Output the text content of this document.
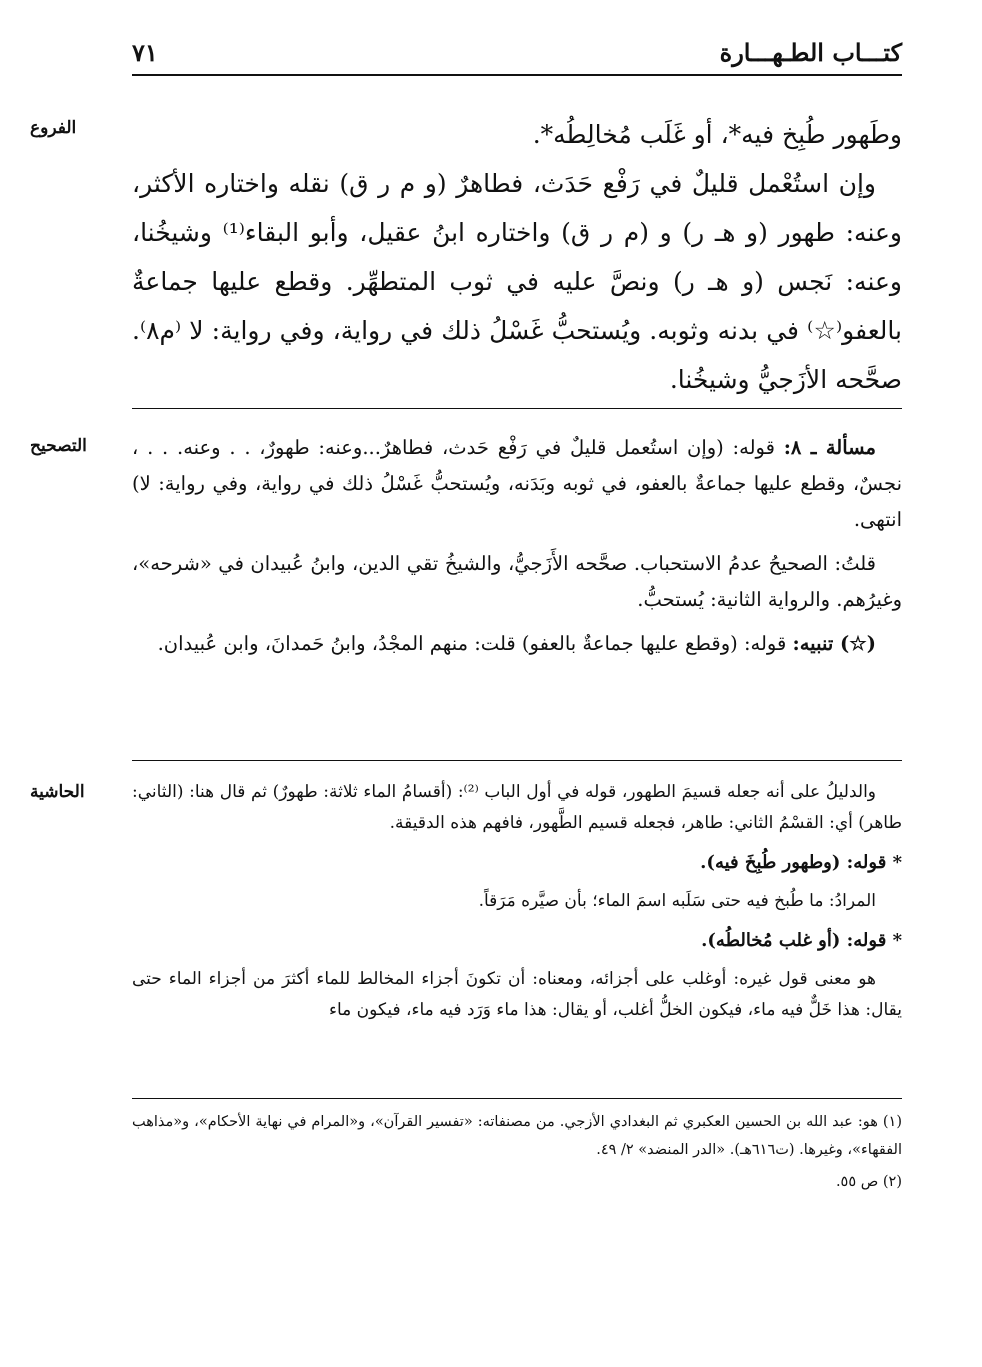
كتـــاب الطـهـــارة
٧١
الفروع
التصحيح
الحاشية

وطَهور طُبِخ فيه*، أو غَلَب مُخالِطُه*.

وإن استُعْمل قليلٌ في رَفْع حَدَث، فطاهرٌ (و م ر ق) نقله واختاره الأكثر، وعنه: طهور (و هـ ر) و (م ر ق) واختاره ابنُ عقيل، وأبو البقاء⁽¹⁾ وشيخُنا، وعنه: نَجس (و هـ ر) ونصَّ عليه في ثوب المتطهِّر. وقطع عليها جماعةٌ بالعفو⁽☆⁾ في بدنه وثوبه. ويُستحبُّ غَسْلُ ذلك في رواية، وفي رواية: لا ⁽م٨⁾. صحَّحه الأزَجيُّ وشيخُنا.

مسألة ـ ٨: قوله: (وإن استُعمل قليلٌ في رَفْع حَدث، فطاهرٌ...وعنه: طهورٌ، . . وعنه. . . ، نجسٌ، وقطع عليها جماعةٌ بالعفو، في ثوبه وبَدَنه، ويُستحبُّ غَسْلُ ذلك في رواية، وفي رواية: لا) انتهى.

قلتُ: الصحيحُ عدمُ الاستحباب. صحَّحه الأَزَجيُّ، والشيخُ تقي الدين، وابنُ عُبيدان في «شرحه»، وغيرُهم. والرواية الثانية: يُستحبُّ.

(☆) تنبيه: قوله: (وقطع عليها جماعةٌ بالعفو) قلت: منهم المجْدُ، وابنُ حَمدانَ، وابن عُبيدان.

والدليلُ على أنه جعله قسيمَ الطهور، قوله في أول الباب ⁽²⁾: (أقسامُ الماء ثلاثة: طهورٌ) ثم قال هنا: (الثاني: طاهر) أي: القسْمُ الثاني: طاهر، فجعله قسيم الطَّهور، فافهم هذه الدقيقة.

* قوله: (وطهور طُبِخَ فيه).

المرادُ: ما طُبخ فيه حتى سَلَبه اسمَ الماء؛ بأن صيَّره مَرَقاً.

* قوله: (أو غلب مُخالطُه).

هو معنى قول غيره: أوغلب على أجزائه، ومعناه: أن تكونَ أجزاء المخالط للماء أكثرَ من أجزاء الماء حتى يقال: هذا خَلٌّ فيه ماء، فيكون الخلُّ أغلب، أو يقال: هذا ماء وَرَد فيه ماء، فيكون ماء

(١) هو: عبد الله بن الحسين العكبري ثم البغدادي الأزجي. من مصنفاته: «تفسير القرآن»، و«المرام في نهاية الأحكام»، و«مذاهب الفقهاء»، وغيرها. (ت٦١٦هـ). «الدر المنضد» ٢/ ٤٩.

(٢) ص ٥٥.
